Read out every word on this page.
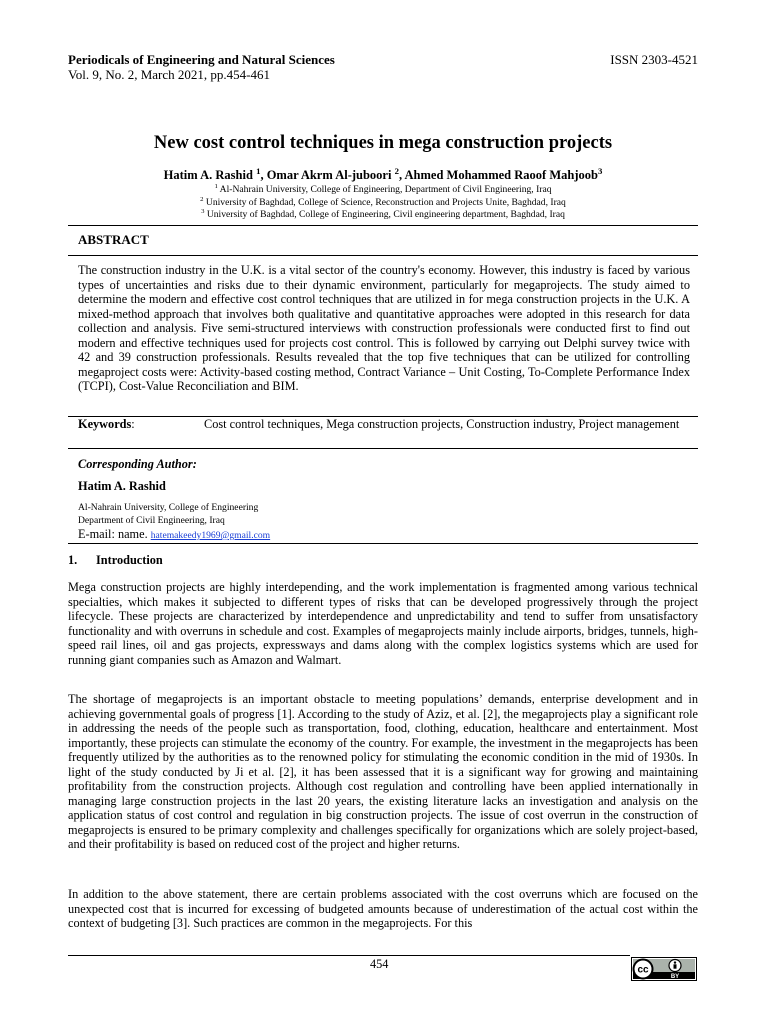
Periodicals of Engineering and Natural Sciences
Vol. 9, No. 2, March 2021, pp.454-461
ISSN 2303-4521
New cost control techniques in mega construction projects
Hatim A. Rashid $^1$, Omar Akrm Al-juboori $^2$, Ahmed Mohammed Raoof Mahjoob$^3$
$^1$ Al-Nahrain University, College of Engineering, Department of Civil Engineering, Iraq
$^2$ University of Baghdad, College of Science, Reconstruction and Projects Unite, Baghdad, Iraq
$^3$ University of Baghdad, College of Engineering, Civil engineering department, Baghdad, Iraq
ABSTRACT
The construction industry in the U.K. is a vital sector of the country's economy. However, this industry is faced by various types of uncertainties and risks due to their dynamic environment, particularly for megaprojects. The study aimed to determine the modern and effective cost control techniques that are utilized in for mega construction projects in the U.K. A mixed-method approach that involves both qualitative and quantitative approaches were adopted in this research for data collection and analysis. Five semi-structured interviews with construction professionals were conducted first to find out modern and effective techniques used for projects cost control. This is followed by carrying out Delphi survey twice with 42 and 39 construction professionals. Results revealed that the top five techniques that can be utilized for controlling megaproject costs were: Activity-based costing method, Contract Variance – Unit Costing, To-Complete Performance Index (TCPI), Cost-Value Reconciliation and BIM.
Keywords:	Cost control techniques, Mega construction projects, Construction industry, Project management
Corresponding Author:
Hatim A. Rashid
Al-Nahrain University, College of Engineering
Department of Civil Engineering, Iraq
E-mail: name. hatemakeedy1969@gmail.com
1. Introduction

Mega construction projects are highly interdepending, and the work implementation is fragmented among various technical specialties, which makes it subjected to different types of risks that can be developed progressively through the project lifecycle. These projects are characterized by interdependence and unpredictability and tend to suffer from unsatisfactory functionality and with overruns in schedule and cost. Examples of megaprojects mainly include airports, bridges, tunnels, high-speed rail lines, oil and gas projects, expressways and dams along with the complex logistics systems which are used for running giant companies such as Amazon and Walmart.

The shortage of megaprojects is an important obstacle to meeting populations’ demands, enterprise development and in achieving governmental goals of progress [1]. According to the study of Aziz, et al. [2], the megaprojects play a significant role in addressing the needs of the people such as transportation, food, clothing, education, healthcare and entertainment. Most importantly, these projects can stimulate the economy of the country. For example, the investment in the megaprojects has been frequently utilized by the authorities as to the renowned policy for stimulating the economic condition in the mid of 1930s. In light of the study conducted by Ji et al. [2], it has been assessed that it is a significant way for growing and maintaining profitability from the construction projects. Although cost regulation and controlling have been applied internationally in managing large construction projects in the last 20 years, the existing literature lacks an investigation and analysis on the application status of cost control and regulation in big construction projects. The issue of cost overrun in the construction of megaprojects is ensured to be primary complexity and challenges specifically for organizations which are solely project-based, and their profitability is based on reduced cost of the project and higher returns.

In addition to the above statement, there are certain problems associated with the cost overruns which are focused on the unexpected cost that is incurred for excessing of budgeted amounts because of underestimation of the actual cost within the context of budgeting [3]. Such practices are common in the megaprojects. For this

454	cc
BY
